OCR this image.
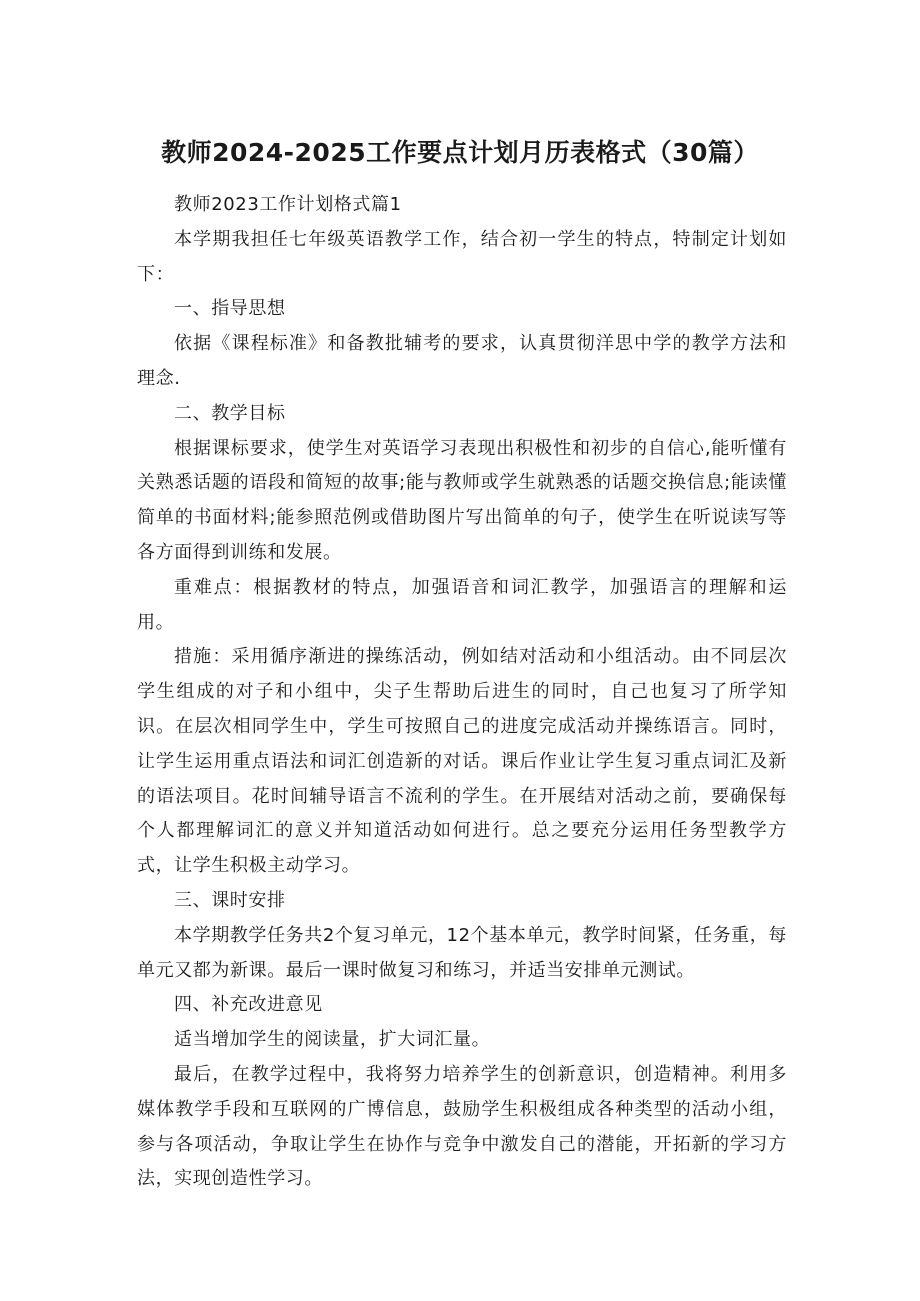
教师2024-2025工作要点计划月历表格式（30篇）

教师2023工作计划格式篇1

本学期我担任七年级英语教学工作，结合初一学生的特点，特制定计划如下：

一、指导思想

依据《课程标准》和备教批辅考的要求，认真贯彻洋思中学的教学方法和理念.

二、教学目标

根据课标要求，使学生对英语学习表现出积极性和初步的自信心,能听懂有关熟悉话题的语段和简短的故事;能与教师或学生就熟悉的话题交换信息;能读懂简单的书面材料;能参照范例或借助图片写出简单的句子，使学生在听说读写等各方面得到训练和发展。

重难点：根据教材的特点，加强语音和词汇教学，加强语言的理解和运用。

措施：采用循序渐进的操练活动，例如结对活动和小组活动。由不同层次学生组成的对子和小组中，尖子生帮助后进生的同时，自己也复习了所学知识。在层次相同学生中，学生可按照自己的进度完成活动并操练语言。同时，让学生运用重点语法和词汇创造新的对话。课后作业让学生复习重点词汇及新的语法项目。花时间辅导语言不流利的学生。在开展结对活动之前，要确保每个人都理解词汇的意义并知道活动如何进行。总之要充分运用任务型教学方式，让学生积极主动学习。

三、课时安排

本学期教学任务共2个复习单元，12个基本单元，教学时间紧，任务重，每单元又都为新课。最后一课时做复习和练习，并适当安排单元测试。

四、补充改进意见

适当增加学生的阅读量，扩大词汇量。

最后，在教学过程中，我将努力培养学生的创新意识，创造精神。利用多媒体教学手段和互联网的广博信息，鼓励学生积极组成各种类型的活动小组，参与各项活动，争取让学生在协作与竞争中激发自己的潜能，开拓新的学习方法，实现创造性学习。
